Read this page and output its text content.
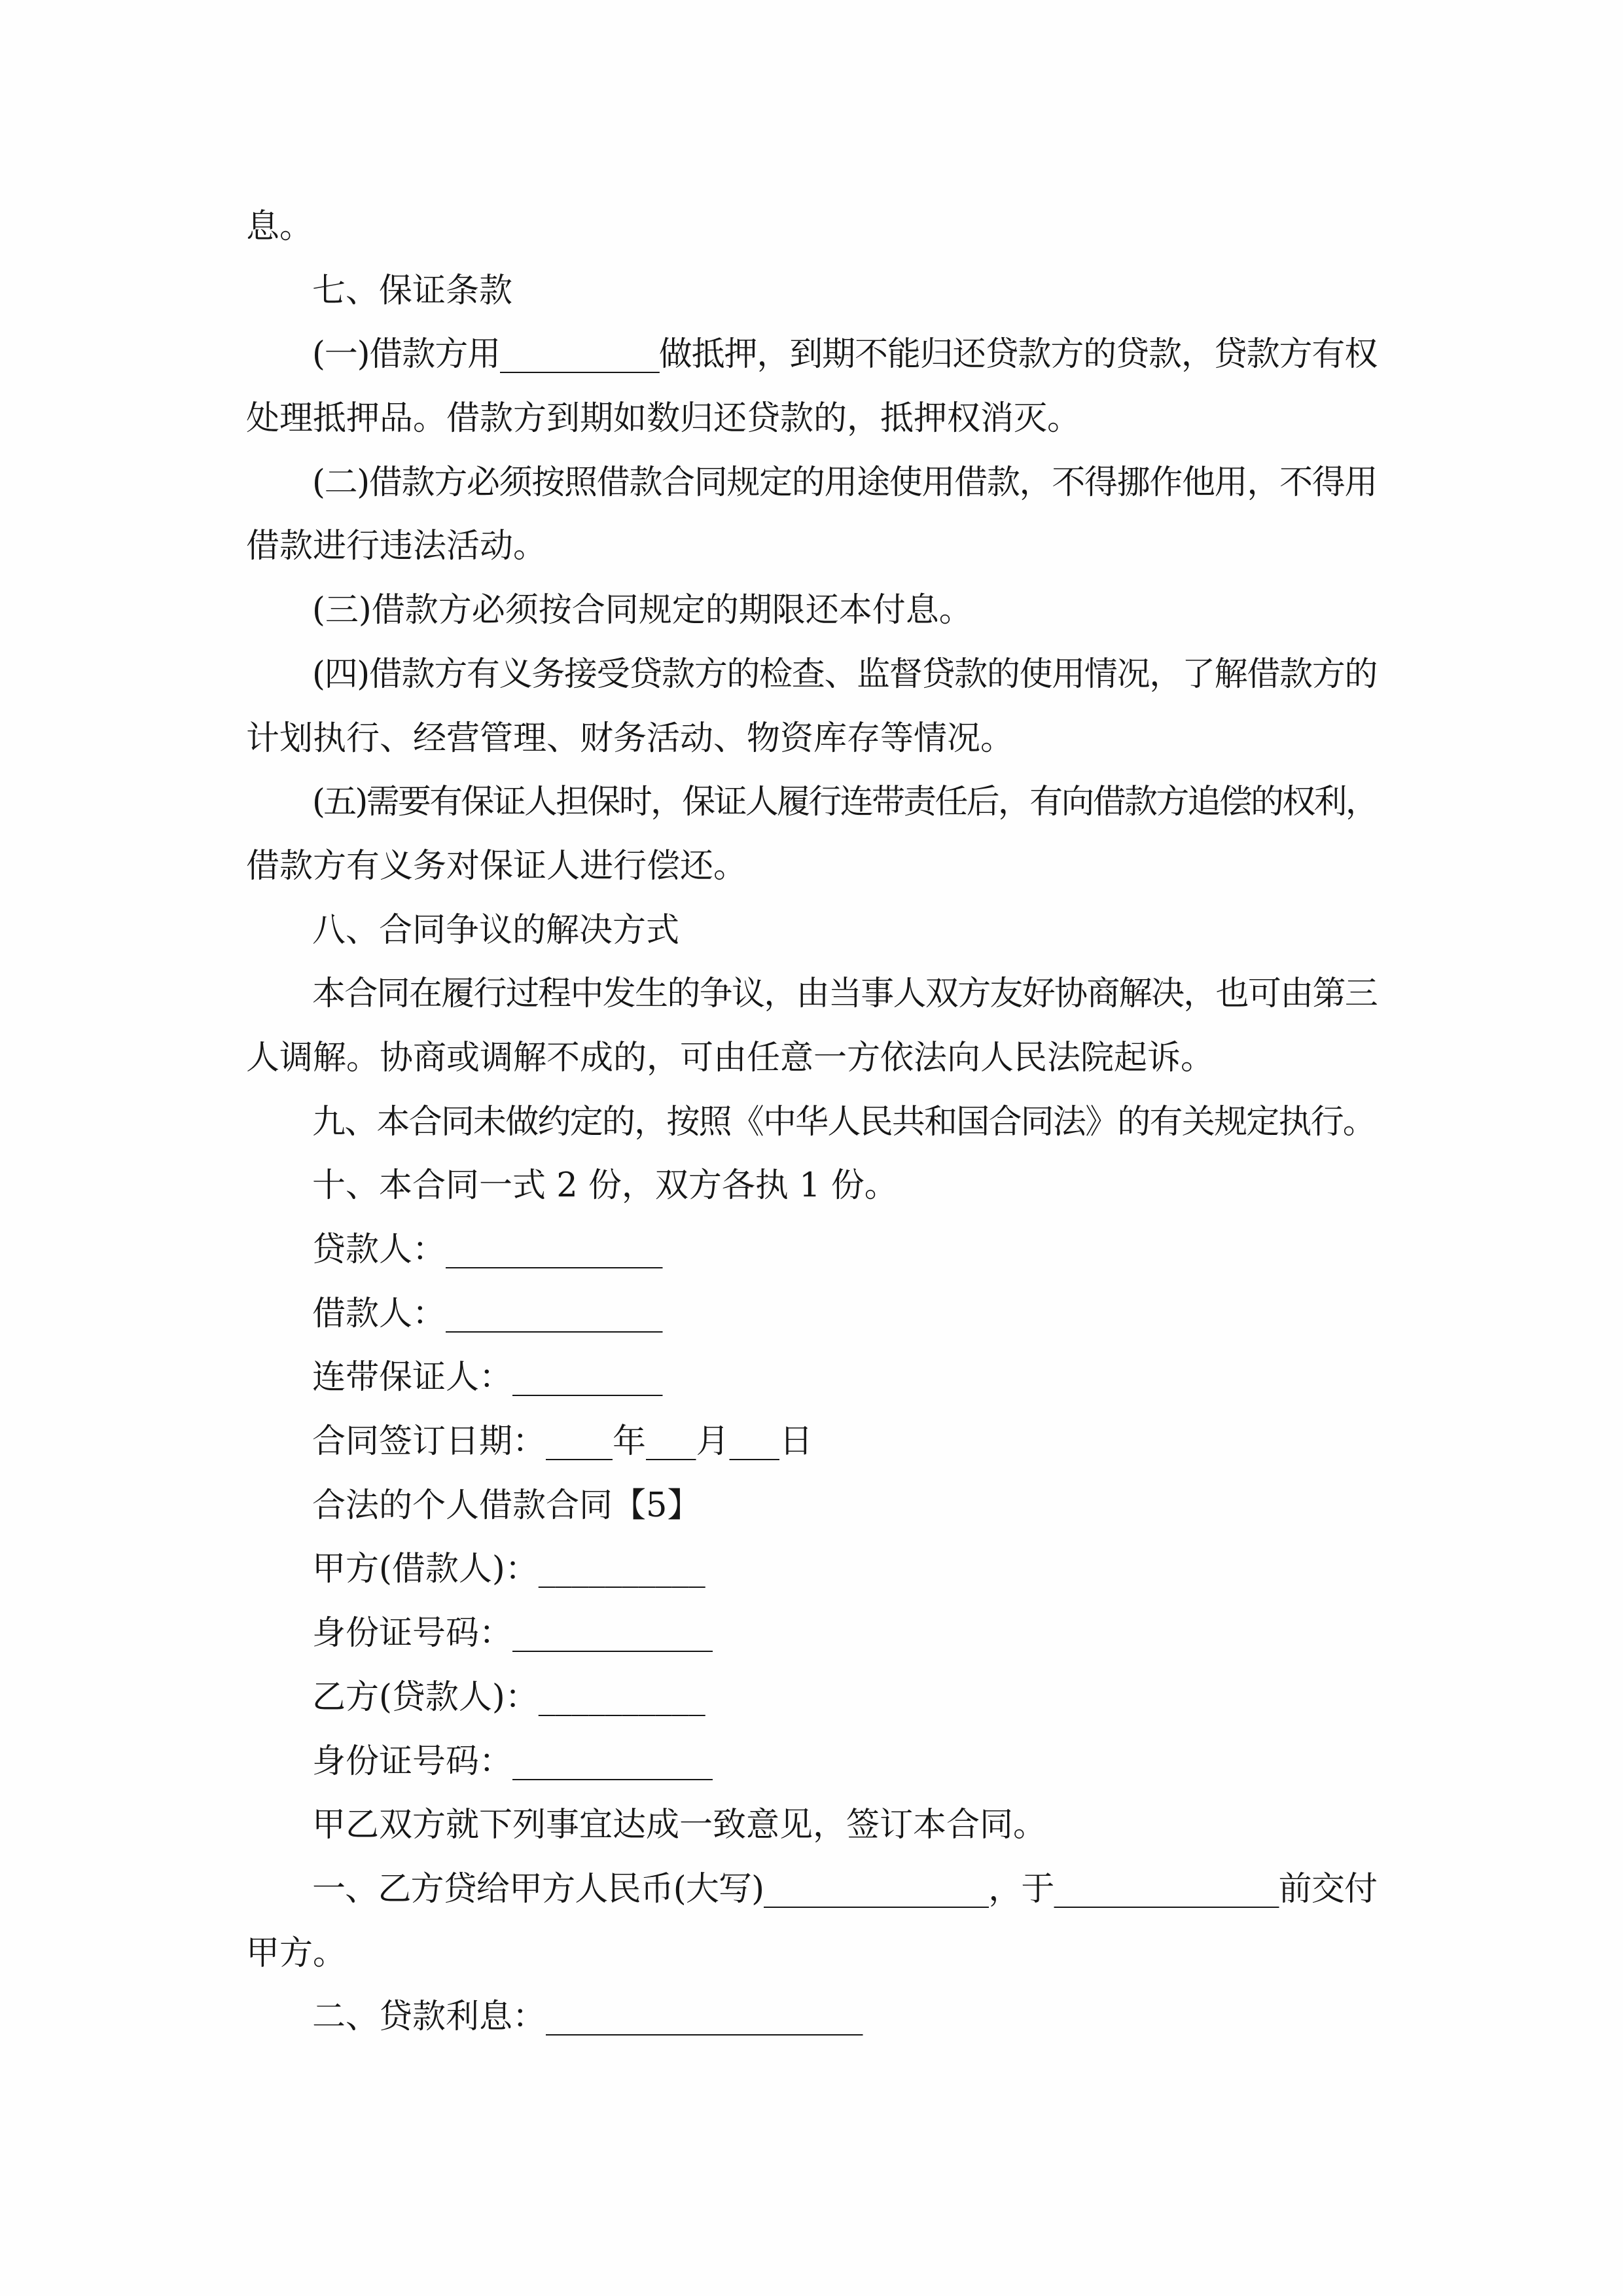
息。
七、保证条款
(一)借款方用__________做抵押，到期不能归还贷款方的贷款，贷款方有权
处理抵押品。借款方到期如数归还贷款的，抵押权消灭。
(二)借款方必须按照借款合同规定的用途使用借款，不得挪作他用，不得用
借款进行违法活动。
(三)借款方必须按合同规定的期限还本付息。
(四)借款方有义务接受贷款方的检查、监督贷款的使用情况，了解借款方的
计划执行、经营管理、财务活动、物资库存等情况。
(五)需要有保证人担保时，保证人履行连带责任后，有向借款方追偿的权利，
借款方有义务对保证人进行偿还。
八、合同争议的解决方式
本合同在履行过程中发生的争议，由当事人双方友好协商解决，也可由第三
人调解。协商或调解不成的，可由任意一方依法向人民法院起诉。
九、本合同未做约定的，按照《中华人民共和国合同法》的有关规定执行。
十、本合同一式 2 份，双方各执 1 份。
贷款人：_____________
借款人：_____________
连带保证人：_________
合同签订日期：____年___月___日
合法的个人借款合同【5】
甲方(借款人)：__________
身份证号码：____________
乙方(贷款人)：__________
身份证号码：____________
甲乙双方就下列事宜达成一致意见，签订本合同。
一、乙方贷给甲方人民币(大写)______________，于______________前交付
甲方。
二、贷款利息：___________________
